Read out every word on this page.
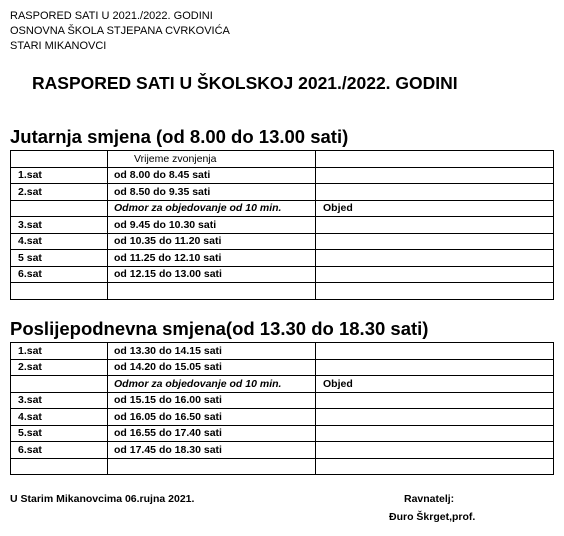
RASPORED SATI U 2021./2022. GODINI
OSNOVNA ŠKOLA STJEPANA CVRKOVIĆA
STARI MIKANOVCI
RASPORED SATI U ŠKOLSKOJ 2021./2022. GODINI
Jutarnja smjena (od 8.00 do 13.00 sati)
	Vrijeme zvonjenja	
1.sat	od 8.00 do 8.45 sati	
2.sat	od 8.50 do 9.35 sati	
	Odmor za objedovanje od 10 min.	Objed
3.sat	od 9.45 do 10.30 sati	
4.sat	od 10.35 do 11.20 sati	
5 sat	od 11.25 do 12.10 sati	
6.sat	od 12.15 do 13.00 sati	

Poslijepodnevna smjena(od 13.30 do 18.30 sati)
1.sat	od 13.30 do 14.15 sati	
2.sat	od 14.20 do 15.05 sati	
	Odmor za objedovanje od 10 min.	Objed
3.sat	od 15.15 do 16.00 sati	
4.sat	od 16.05 do 16.50 sati	
5.sat	od 16.55 do 17.40 sati	
6.sat	od 17.45 do 18.30 sati	

U Starim Mikanovcima 06.rujna 2021.	Ravnatelj:
Đuro Škrget,prof.
